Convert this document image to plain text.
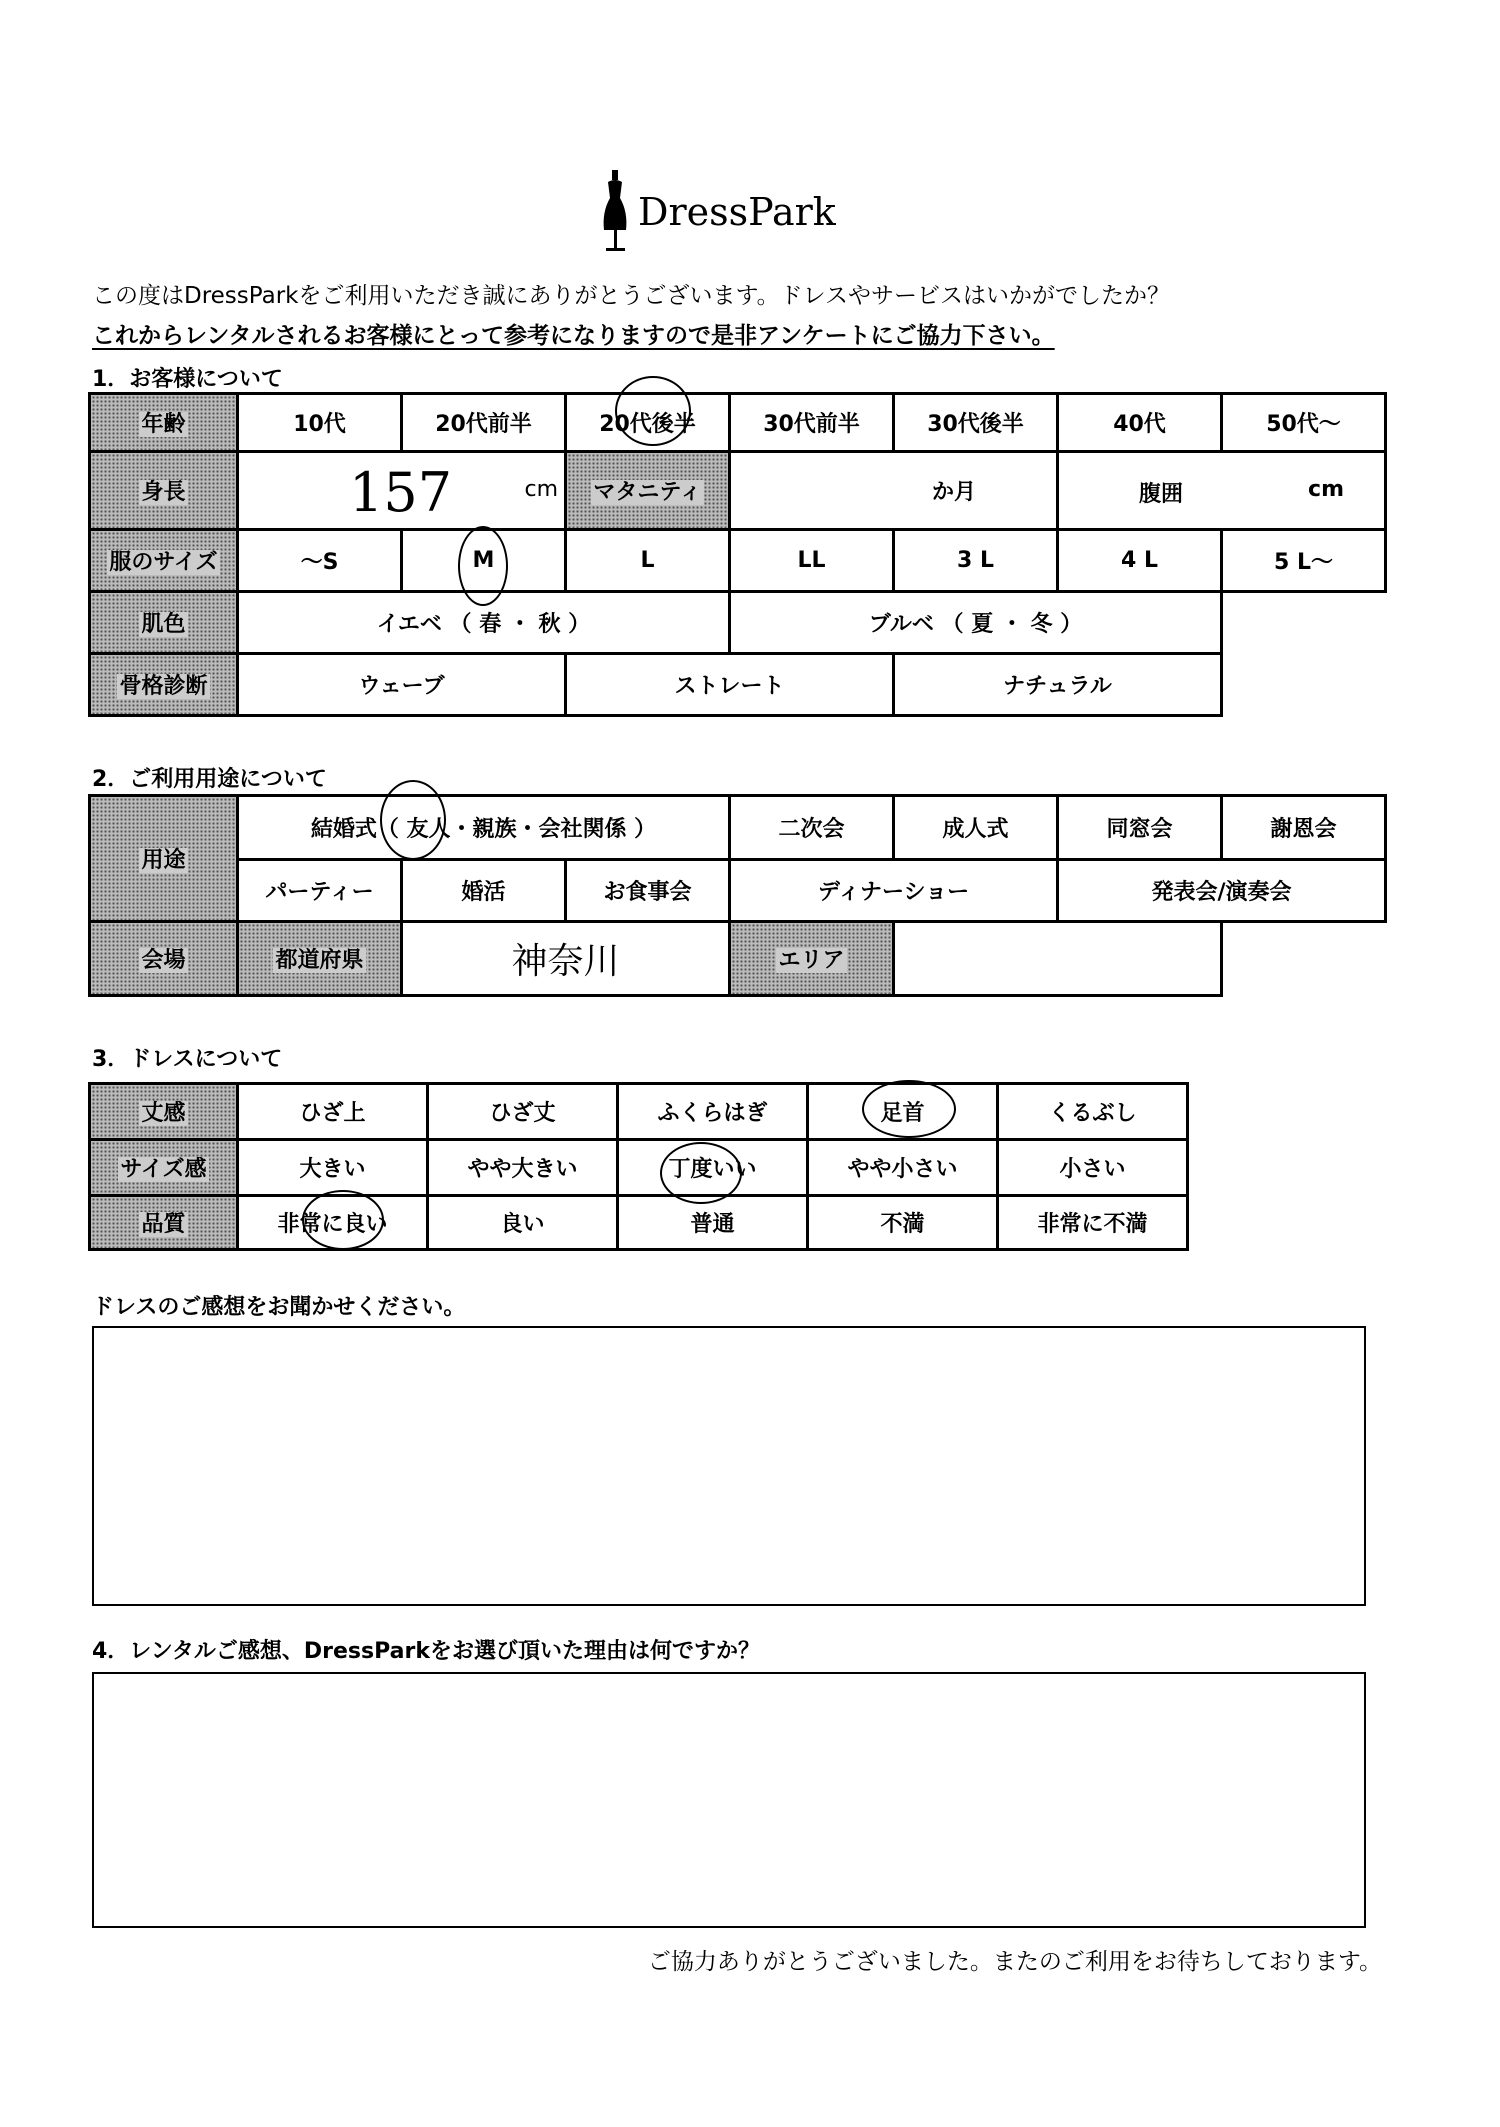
DressPark
この度はDressParkをご利用いただき誠にありがとうございます。ドレスやサービスはいかがでしたか？
これからレンタルされるお客様にとって参考になりますので是非アンケートにご協力下さい。
1．お客様について
年齢	10代	20代前半	20代後半	30代前半	30代後半	40代	50代～
身長	157 cm		マタニティ	か月		腹囲 cm	

服のサイズ	～S	M	L	LL	3 L	4 L	5 L～
肌色	イエベ （ 春 ・ 秋 ）			ブルベ （ 夏 ・ 冬 ）			
骨格診断	ウェーブ		ストレート		ナチュラル		
2．ご利用用途について
用途	結婚式（ 友人・親族・会社関係 ）			二次会	成人式	同窓会	謝恩会
	パーティー	婚活	お食事会	ディナーショー		発表会/演奏会	
会場	都道府県	神奈川		エリア			
3．ドレスについて
丈感	ひざ上	ひざ丈	ふくらはぎ	足首	くるぶし
サイズ感	大きい	やや大きい	丁度いい	やや小さい	小さい
品質	非常に良い	良い	普通	不満	非常に不満
ドレスのご感想をお聞かせください。
4．レンタルご感想、DressParkをお選び頂いた理由は何ですか？
ご協力ありがとうございました。またのご利用をお待ちしております。
